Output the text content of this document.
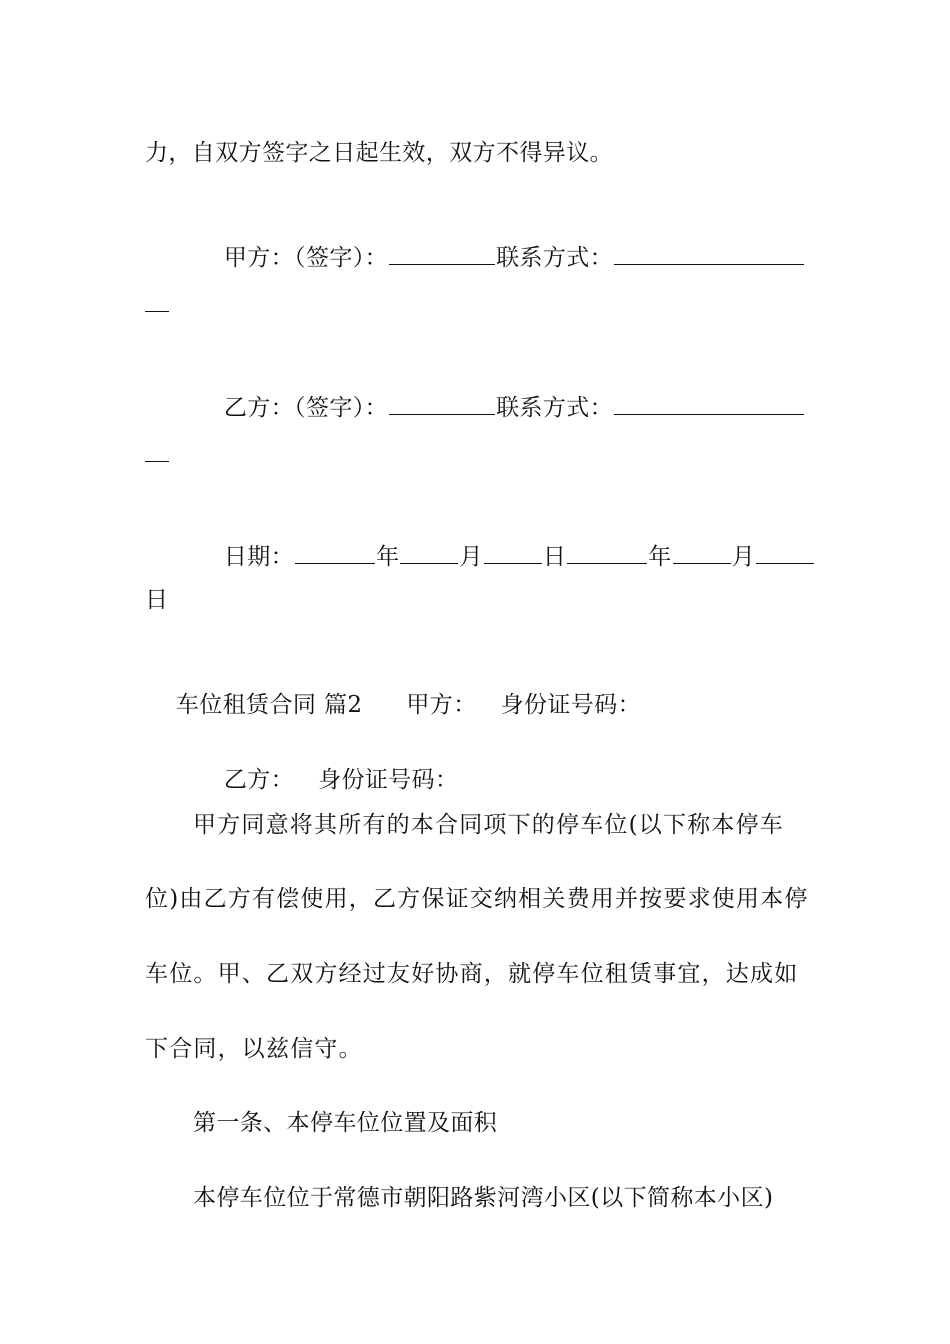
力，自双方签字之日起生效，双方不得异议。

甲方：（签字）：	联系方式：

乙方：（签字）：	联系方式：

日期：	年	月	日	年	月

日

车位租赁合同 篇2 甲方： 身份证号码：

乙方： 身份证号码：

甲方同意将其所有的本合同项下的停车位(以下称本停车
位)由乙方有偿使用，乙方保证交纳相关费用并按要求使用本停
车位。甲、乙双方经过友好协商，就停车位租赁事宜，达成如
下合同，以兹信守。
第一条、本停车位位置及面积
本停车位位于常德市朝阳路紫河湾小区(以下简称本小区)
